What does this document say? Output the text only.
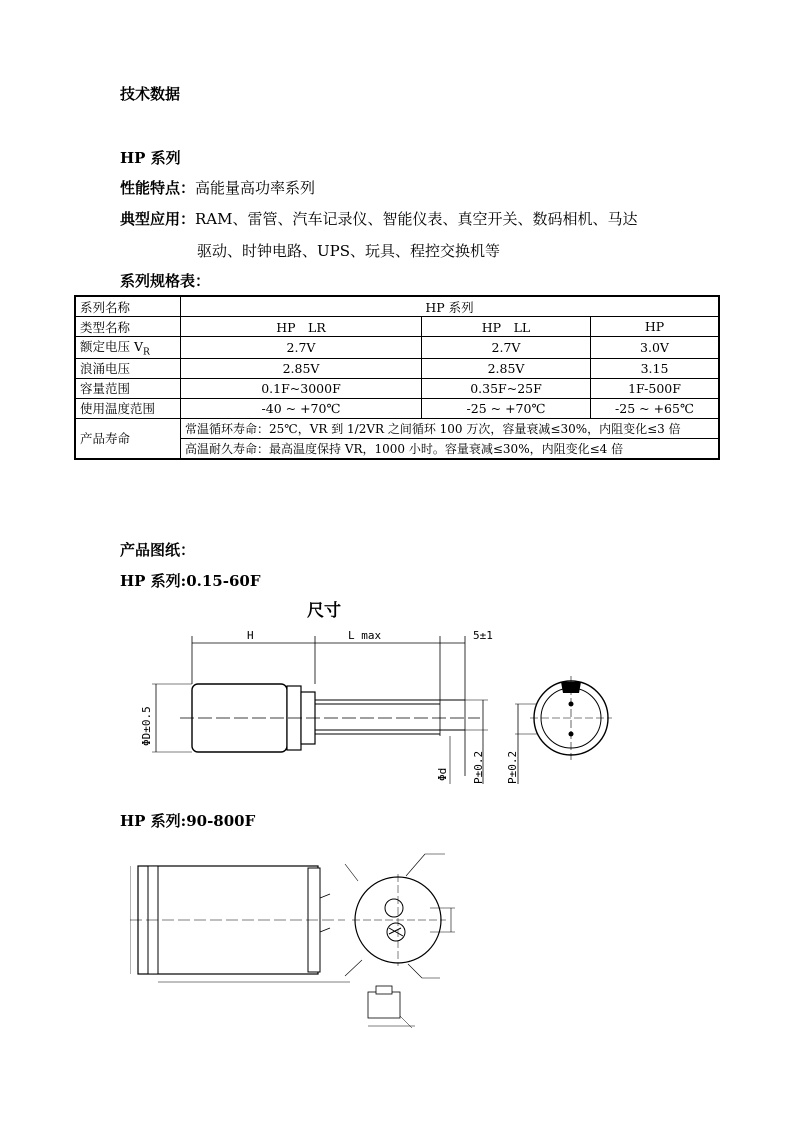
技术数据
HP 系列
性能特点：高能量高功率系列
典型应用：RAM、雷管、汽车记录仪、智能仪表、真空开关、数码相机、马达
驱动、时钟电路、UPS、玩具、程控交换机等
系列规格表：
系列名称	HP 系列		
类型名称	HP　LR	HP　LL	HP
额定电压 $V_R$	2.7V	2.7V	3.0V
浪涌电压	2.85V	2.85V	3.15
容量范围	0.1F~3000F	0.35F~25F	1F-500F
使用温度范围	-40 ~ +70℃	-25 ~ +70℃	-25 ~ +65℃
产品寿命	常温循环寿命：25℃，VR 到 1/2VR 之间循环 100 万次，容量衰减≤30%，内阻变化≤3 倍		
	高温耐久寿命：最高温度保持 VR，1000 小时。容量衰减≤30%，内阻变化≤4 倍		
产品图纸：
HP 系列:0.15-60F
尺寸
H	L max	5±1
ΦD±0.5
Φd P±0.2 P±0.2
HP 系列:90-800F
